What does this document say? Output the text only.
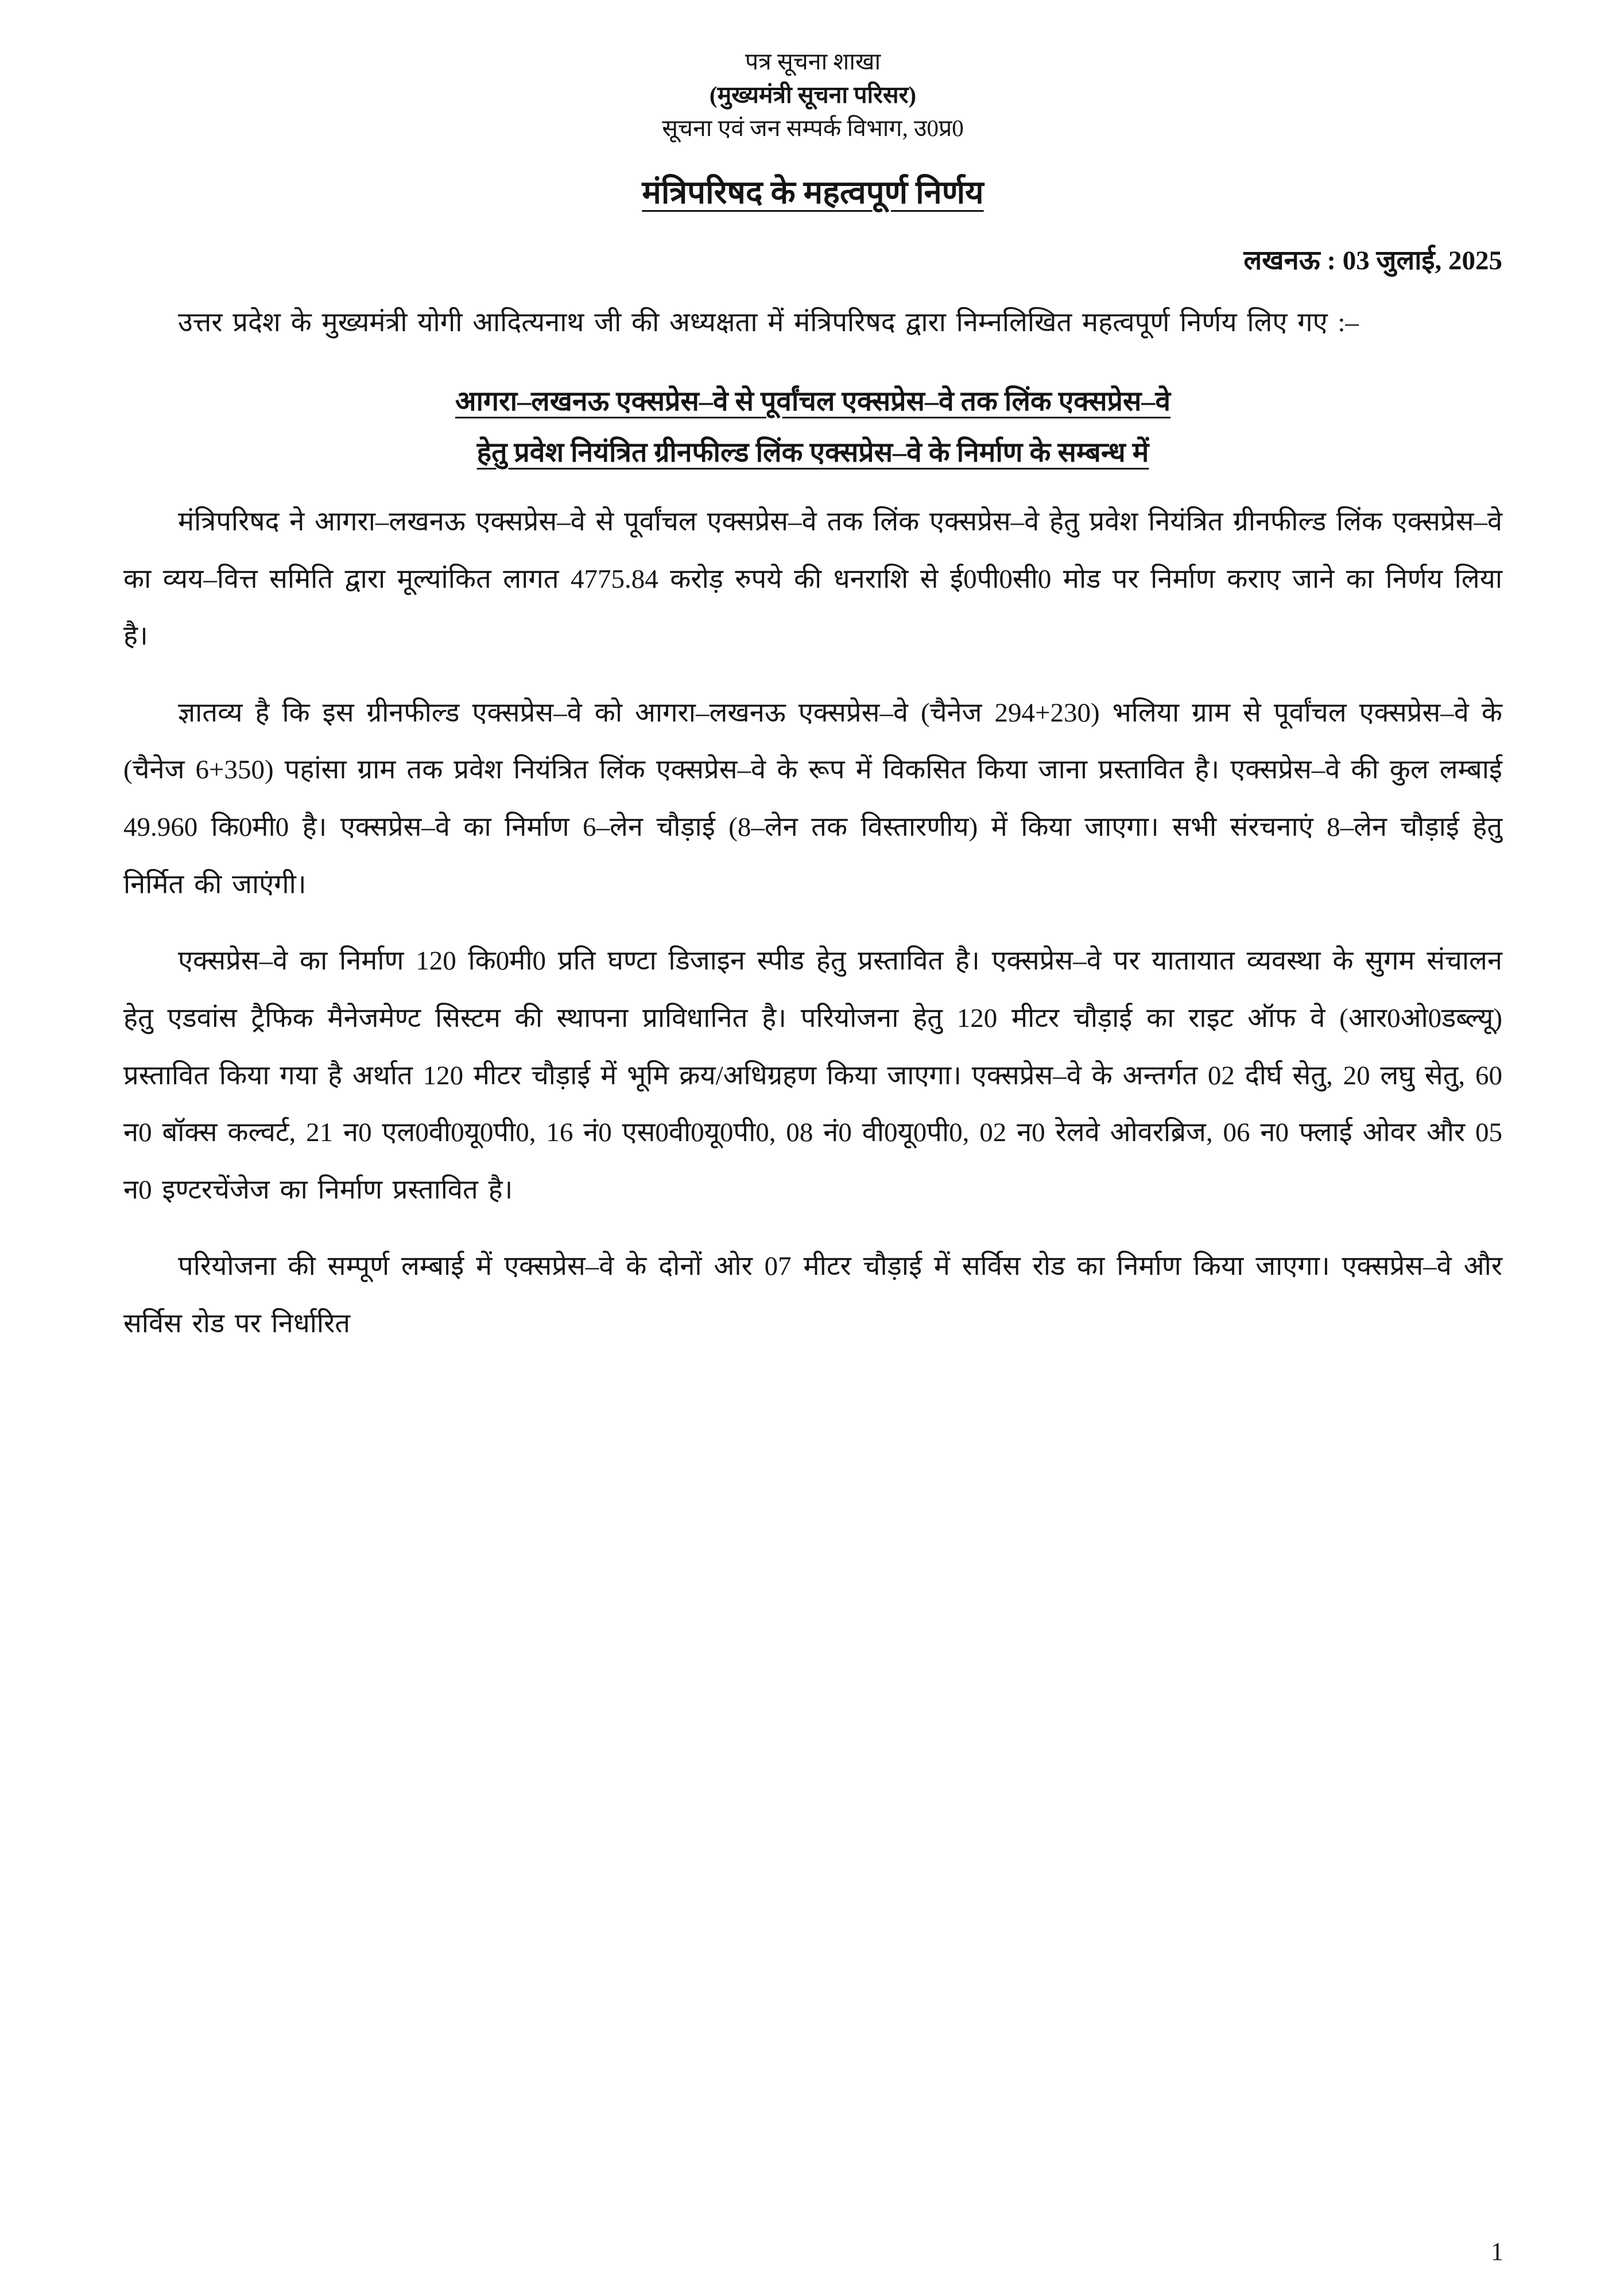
पत्र सूचना शाखा
(मुख्यमंत्री सूचना परिसर)
सूचना एवं जन सम्पर्क विभाग, उ0प्र0
मंत्रिपरिषद के महत्वपूर्ण निर्णय
लखनऊ : 03 जुलाई, 2025

उत्तर प्रदेश के मुख्यमंत्री योगी आदित्यनाथ जी की अध्यक्षता में मंत्रिपरिषद द्वारा निम्नलिखित महत्वपूर्ण निर्णय लिए गए :–

आगरा–लखनऊ एक्सप्रेस–वे से पूर्वांचल एक्सप्रेस–वे तक लिंक एक्सप्रेस–वे
हेतु प्रवेश नियंत्रित ग्रीनफील्ड लिंक एक्सप्रेस–वे के निर्माण के सम्बन्ध में

मंत्रिपरिषद ने आगरा–लखनऊ एक्सप्रेस–वे से पूर्वांचल एक्सप्रेस–वे तक लिंक एक्सप्रेस–वे हेतु प्रवेश नियंत्रित ग्रीनफील्ड लिंक एक्सप्रेस–वे का व्यय–वित्त समिति द्वारा मूल्यांकित लागत 4775.84 करोड़ रुपये की धनराशि से ई0पी0सी0 मोड पर निर्माण कराए जाने का निर्णय लिया है।

ज्ञातव्य है कि इस ग्रीनफील्ड एक्सप्रेस–वे को आगरा–लखनऊ एक्सप्रेस–वे (चैनेज 294+230) भलिया ग्राम से पूर्वांचल एक्सप्रेस–वे के (चैनेज 6+350) पहांसा ग्राम तक प्रवेश नियंत्रित लिंक एक्सप्रेस–वे के रूप में विकसित किया जाना प्रस्तावित है। एक्सप्रेस–वे की कुल लम्बाई 49.960 कि0मी0 है। एक्सप्रेस–वे का निर्माण 6–लेन चौड़ाई (8–लेन तक विस्तारणीय) में किया जाएगा। सभी संरचनाएं 8–लेन चौड़ाई हेतु निर्मित की जाएंगी।

एक्सप्रेस–वे का निर्माण 120 कि0मी0 प्रति घण्टा डिजाइन स्पीड हेतु प्रस्तावित है। एक्सप्रेस–वे पर यातायात व्यवस्था के सुगम संचालन हेतु एडवांस ट्रैफिक मैनेजमेण्ट सिस्टम की स्थापना प्राविधानित है। परियोजना हेतु 120 मीटर चौड़ाई का राइट ऑफ वे (आर0ओ0डब्ल्यू) प्रस्तावित किया गया है अर्थात 120 मीटर चौड़ाई में भूमि क्रय/अधिग्रहण किया जाएगा। एक्सप्रेस–वे के अन्तर्गत 02 दीर्घ सेतु, 20 लघु सेतु, 60 न0 बॉक्स कल्वर्ट, 21 न0 एल0वी0यू0पी0, 16 नं0 एस0वी0यू0पी0, 08 नं0 वी0यू0पी0, 02 न0 रेलवे ओवरब्रिज, 06 न0 फ्लाई ओवर और 05 न0 इण्टरचेंजेज का निर्माण प्रस्तावित है।

परियोजना की सम्पूर्ण लम्बाई में एक्सप्रेस–वे के दोनों ओर 07 मीटर चौड़ाई में सर्विस रोड का निर्माण किया जाएगा। एक्सप्रेस–वे और सर्विस रोड पर निर्धारित

1
